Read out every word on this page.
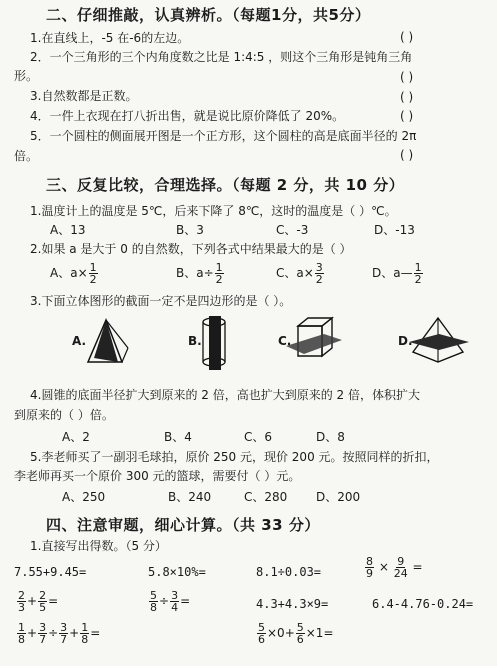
二、仔细推敲，认真辨析。（每题1分，共5分）
1.在直线上，-5 在-6的左边。	( )
2．一个三角形的三个内角度数之比是 1:4:5 ，则这个三角形是钝角三角
形。	( )
3.自然数都是正数。	( )
4．一件上衣现在打八折出售，就是说比原价降低了 20%。	( )
5．一个圆柱的侧面展开图是一个正方形，这个圆柱的高是底面半径的 2π
倍。	( )
三、反复比较，合理选择。（每题 2 分，共 10 分）
1.温度计上的温度是 5℃，后来下降了 8℃，这时的温度是（ ）℃。
A、13	B、3	C、-3	D、-13
2.如果 a 是大于 0 的自然数，下列各式中结果最大的是（ ）
A、$a\times \frac{1}{2}$	B、$a\div \frac{1}{2}$	C、$a\times \frac{3}{2}$	D、a— $\frac{1}{2}$
3.下面立体图形的截面一定不是四边形的是（ ）。
A.	B.	C.	D.
4.圆锥的底面半径扩大到原来的 2 倍，高也扩大到原来的 2 倍，体积扩大
到原来的（ ）倍。
A、2	B、4	C、6	D、8
5.李老师买了一副羽毛球拍，原价 250 元，现价 200 元。按照同样的折扣，
李老师再买一个原价 300 元的篮球，需要付（ ）元。
A、250	B、240	C、280 D、200
四、注意审题，细心计算。（共 33 分）
1.直接写出得数。（5 分）
7.55+9.45=	5.8×10%=	8.1÷0.03=	$\frac{8}{9} \times \frac{9}{24}$ =
$\frac{2}{3} + \frac{2}{5}$ =	$\frac{5}{8} \div \frac{3}{4}$ =	4.3+4.3×9=	6.4-4.76-0.24=
$\frac{1}{8} + \frac{3}{7} \div \frac{3}{7} + \frac{1}{8}$ =	$\frac{5}{6} \times 0+ \frac{5}{6} \times 1=$
